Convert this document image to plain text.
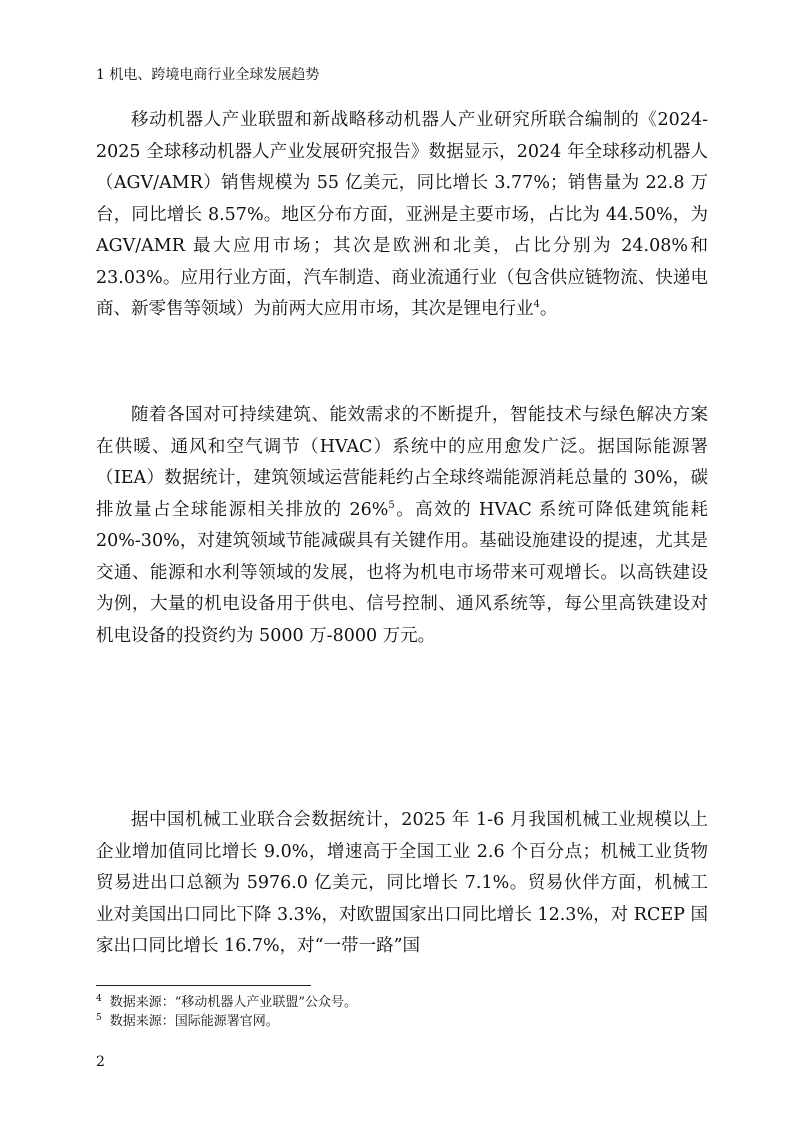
1 机电、跨境电商行业全球发展趋势

移动机器人产业联盟和新战略移动机器人产业研究所联合编制的《2024-2025 全球移动机器人产业发展研究报告》数据显示，2024 年全球移动机器人（AGV/AMR）销售规模为 55 亿美元，同比增长 3.77%；销售量为 22.8 万台，同比增长 8.57%。地区分布方面，亚洲是主要市场，占比为 44.50%，为 AGV/AMR 最大应用市场；其次是欧洲和北美，占比分别为 24.08%和 23.03%。应用行业方面，汽车制造、商业流通行业（包含供应链物流、快递电商、新零售等领域）为前两大应用市场，其次是锂电行业$^4$。

随着各国对可持续建筑、能效需求的不断提升，智能技术与绿色解决方案在供暖、通风和空气调节（HVAC）系统中的应用愈发广泛。据国际能源署（IEA）数据统计，建筑领域运营能耗约占全球终端能源消耗总量的 30%，碳排放量占全球能源相关排放的 26%$^5$。高效的 HVAC 系统可降低建筑能耗 20%-30%，对建筑领域节能减碳具有关键作用。基础设施建设的提速，尤其是交通、能源和水利等领域的发展，也将为机电市场带来可观增长。以高铁建设为例，大量的机电设备用于供电、信号控制、通风系统等，每公里高铁建设对机电设备的投资约为 5000 万-8000 万元。

据中国机械工业联合会数据统计，2025 年 1-6 月我国机械工业规模以上企业增加值同比增长 9.0%，增速高于全国工业 2.6 个百分点；机械工业货物贸易进出口总额为 5976.0 亿美元，同比增长 7.1%。贸易伙伴方面，机械工业对美国出口同比下降 3.3%，对欧盟国家出口同比增长 12.3%，对 RCEP 国家出口同比增长 16.7%，对“一带一路”国

$^4$ 数据来源：“移动机器人产业联盟”公众号。
$^5$ 数据来源：国际能源署官网。
2
